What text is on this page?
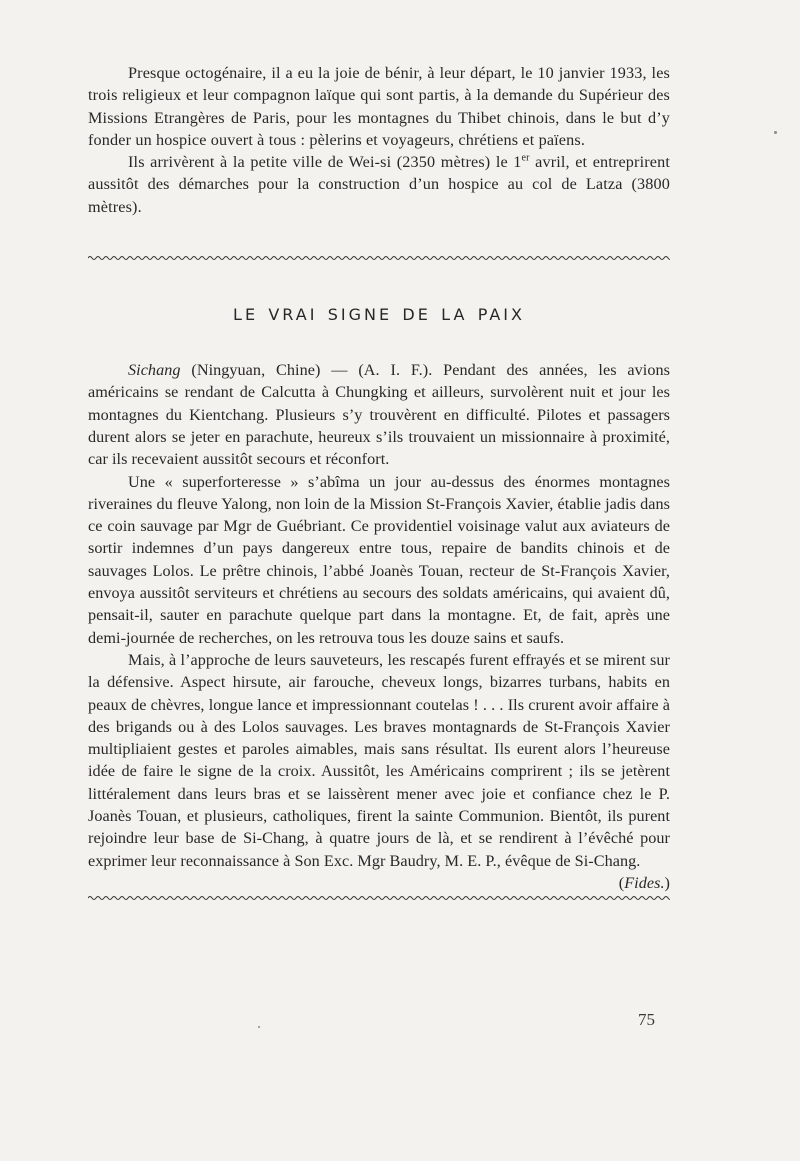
Presque octogénaire, il a eu la joie de bénir, à leur départ, le 10 janvier 1933, les trois religieux et leur compagnon laïque qui sont partis, à la demande du Supérieur des Missions Etrangères de Paris, pour les montagnes du Thibet chinois, dans le but d’y fonder un hospice ouvert à tous : pèlerins et voyageurs, chrétiens et païens.

Ils arrivèrent à la petite ville de Wei-si (2350 mètres) le 1er avril, et entreprirent aussitôt des démarches pour la construction d’un hospice au col de Latza (3800 mètres).

le vrai signe de la paix

Sichang (Ningyuan, Chine) — (A. I. F.). Pendant des années, les avions américains se rendant de Calcutta à Chungking et ailleurs, survolèrent nuit et jour les montagnes du Kientchang. Plusieurs s’y trouvèrent en difficulté. Pilotes et passagers durent alors se jeter en parachute, heureux s’ils trouvaient un missionnaire à proximité, car ils recevaient aussitôt secours et réconfort.

Une « superforteresse » s’abîma un jour au-dessus des énormes montagnes riveraines du fleuve Yalong, non loin de la Mission St-François Xavier, établie jadis dans ce coin sauvage par Mgr de Guébriant. Ce providentiel voisinage valut aux aviateurs de sortir indemnes d’un pays dangereux entre tous, repaire de bandits chinois et de sauvages Lolos. Le prêtre chinois, l’abbé Joanès Touan, recteur de St-François Xavier, envoya aussitôt serviteurs et chrétiens au secours des soldats américains, qui avaient dû, pensait-il, sauter en parachute quelque part dans la montagne. Et, de fait, après une demi-journée de recherches, on les retrouva tous les douze sains et saufs.

Mais, à l’approche de leurs sauveteurs, les rescapés furent effrayés et se mirent sur la défensive. Aspect hirsute, air farouche, cheveux longs, bizarres turbans, habits en peaux de chèvres, longue lance et impressionnant coutelas ! . . . Ils crurent avoir affaire à des brigands ou à des Lolos sauvages. Les braves montagnards de St-François Xavier multipliaient gestes et paroles aimables, mais sans résultat. Ils eurent alors l’heureuse idée de faire le signe de la croix. Aussitôt, les Américains comprirent ; ils se jetèrent littéralement dans leurs bras et se laissèrent mener avec joie et confiance chez le P. Joanès Touan, et plusieurs, catholiques, firent la sainte Communion. Bientôt, ils purent rejoindre leur base de Si-Chang, à quatre jours de là, et se rendirent à l’évêché pour exprimer leur reconnaissance à Son Exc. Mgr Baudry, M. E. P., évêque de Si-Chang.
(Fides.)

75
